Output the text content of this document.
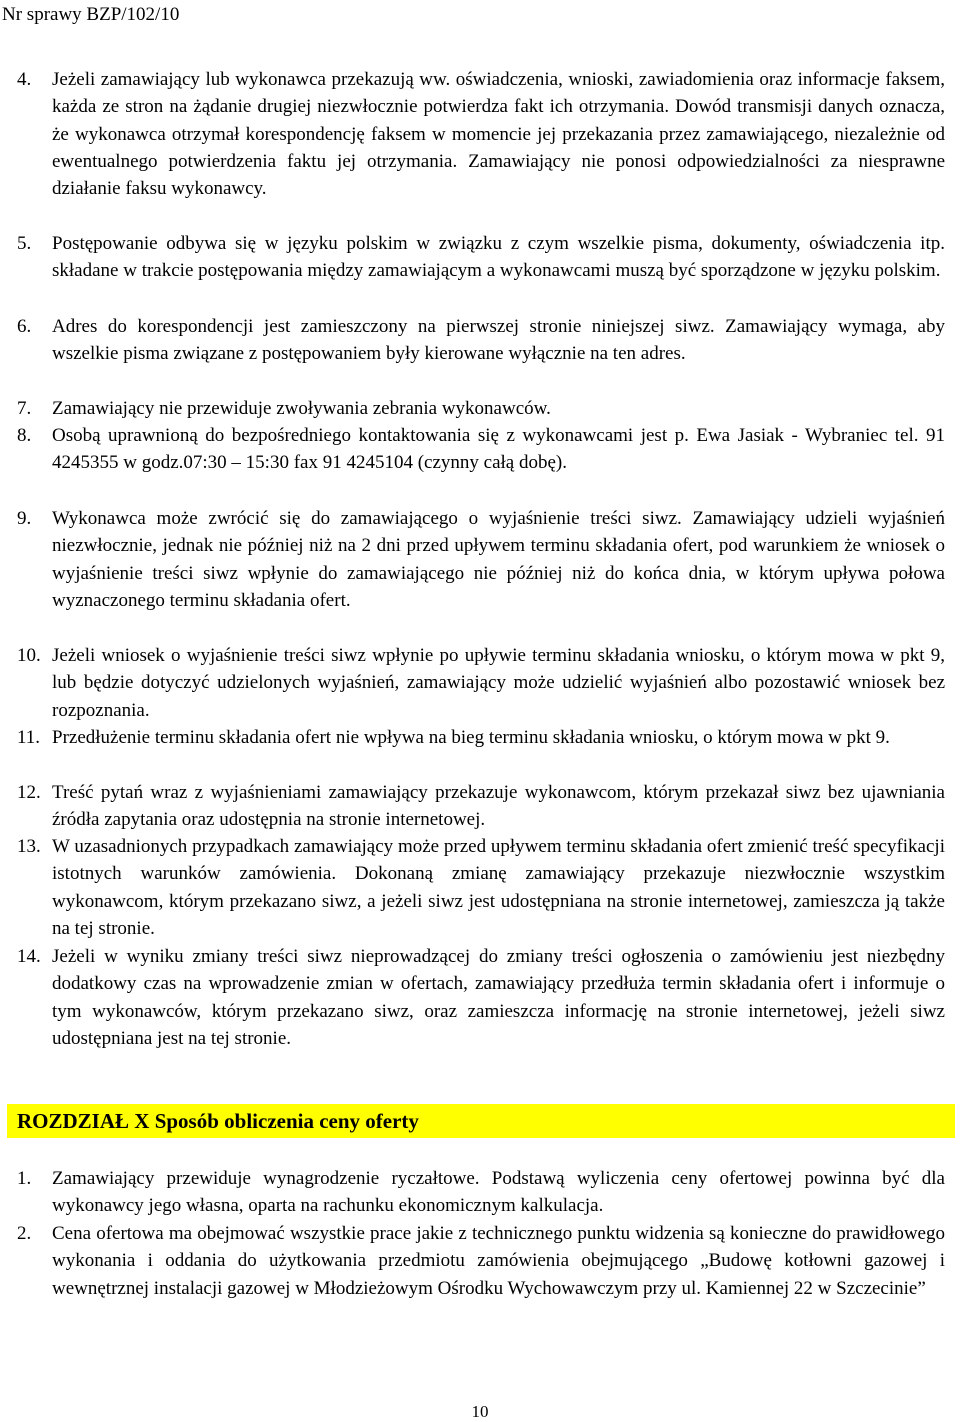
Nr sprawy BZP/102/10
4. Jeżeli zamawiający lub wykonawca przekazują ww. oświadczenia, wnioski, zawiadomienia oraz informacje faksem, każda ze stron na żądanie drugiej niezwłocznie potwierdza fakt ich otrzymania. Dowód transmisji danych oznacza, że wykonawca otrzymał korespondencję faksem w momencie jej przekazania przez zamawiającego, niezależnie od ewentualnego potwierdzenia faktu jej otrzymania. Zamawiający nie ponosi odpowiedzialności za niesprawne działanie faksu wykonawcy.
5. Postępowanie odbywa się w języku polskim w związku z czym wszelkie pisma, dokumenty, oświadczenia itp. składane w trakcie postępowania między zamawiającym a wykonawcami muszą być sporządzone w języku polskim.
6. Adres do korespondencji jest zamieszczony na pierwszej stronie niniejszej siwz. Zamawiający wymaga, aby wszelkie pisma związane z postępowaniem były kierowane wyłącznie na ten adres.
7. Zamawiający nie przewiduje zwoływania zebrania wykonawców.
8. Osobą uprawnioną do bezpośredniego kontaktowania się z wykonawcami jest p. Ewa Jasiak - Wybraniec tel. 91 4245355 w godz.07:30 – 15:30 fax 91 4245104 (czynny całą dobę).
9. Wykonawca może zwrócić się do zamawiającego o wyjaśnienie treści siwz. Zamawiający udzieli wyjaśnień niezwłocznie, jednak nie później niż na 2 dni przed upływem terminu składania ofert, pod warunkiem że wniosek o wyjaśnienie treści siwz wpłynie do zamawiającego nie później niż do końca dnia, w którym upływa połowa wyznaczonego terminu składania ofert.
10. Jeżeli wniosek o wyjaśnienie treści siwz wpłynie po upływie terminu składania wniosku, o którym mowa w pkt 9, lub będzie dotyczyć udzielonych wyjaśnień, zamawiający może udzielić wyjaśnień albo pozostawić wniosek bez rozpoznania.
11. Przedłużenie terminu składania ofert nie wpływa na bieg terminu składania wniosku, o którym mowa w pkt 9.
12. Treść pytań wraz z wyjaśnieniami zamawiający przekazuje wykonawcom, którym przekazał siwz bez ujawniania źródła zapytania oraz udostępnia na stronie internetowej.
13. W uzasadnionych przypadkach zamawiający może przed upływem terminu składania ofert zmienić treść specyfikacji istotnych warunków zamówienia. Dokonaną zmianę zamawiający przekazuje niezwłocznie wszystkim wykonawcom, którym przekazano siwz, a jeżeli siwz jest udostępniana na stronie internetowej, zamieszcza ją także na tej stronie.
14. Jeżeli w wyniku zmiany treści siwz nieprowadzącej do zmiany treści ogłoszenia o zamówieniu jest niezbędny dodatkowy czas na wprowadzenie zmian w ofertach, zamawiający przedłuża termin składania ofert i informuje o tym wykonawców, którym przekazano siwz, oraz zamieszcza informację na stronie internetowej, jeżeli siwz udostępniana jest na tej stronie.
ROZDZIAŁ X Sposób obliczenia ceny oferty
1. Zamawiający przewiduje wynagrodzenie ryczałtowe. Podstawą wyliczenia ceny ofertowej powinna być dla wykonawcy jego własna, oparta na rachunku ekonomicznym kalkulacja.
2. Cena ofertowa ma obejmować wszystkie prace jakie z technicznego punktu widzenia są konieczne do prawidłowego wykonania i oddania do użytkowania przedmiotu zamówienia obejmującego „Budowę kotłowni gazowej i wewnętrznej instalacji gazowej w Młodzieżowym Ośrodku Wychowawczym przy ul. Kamiennej 22 w Szczecinie”
10
